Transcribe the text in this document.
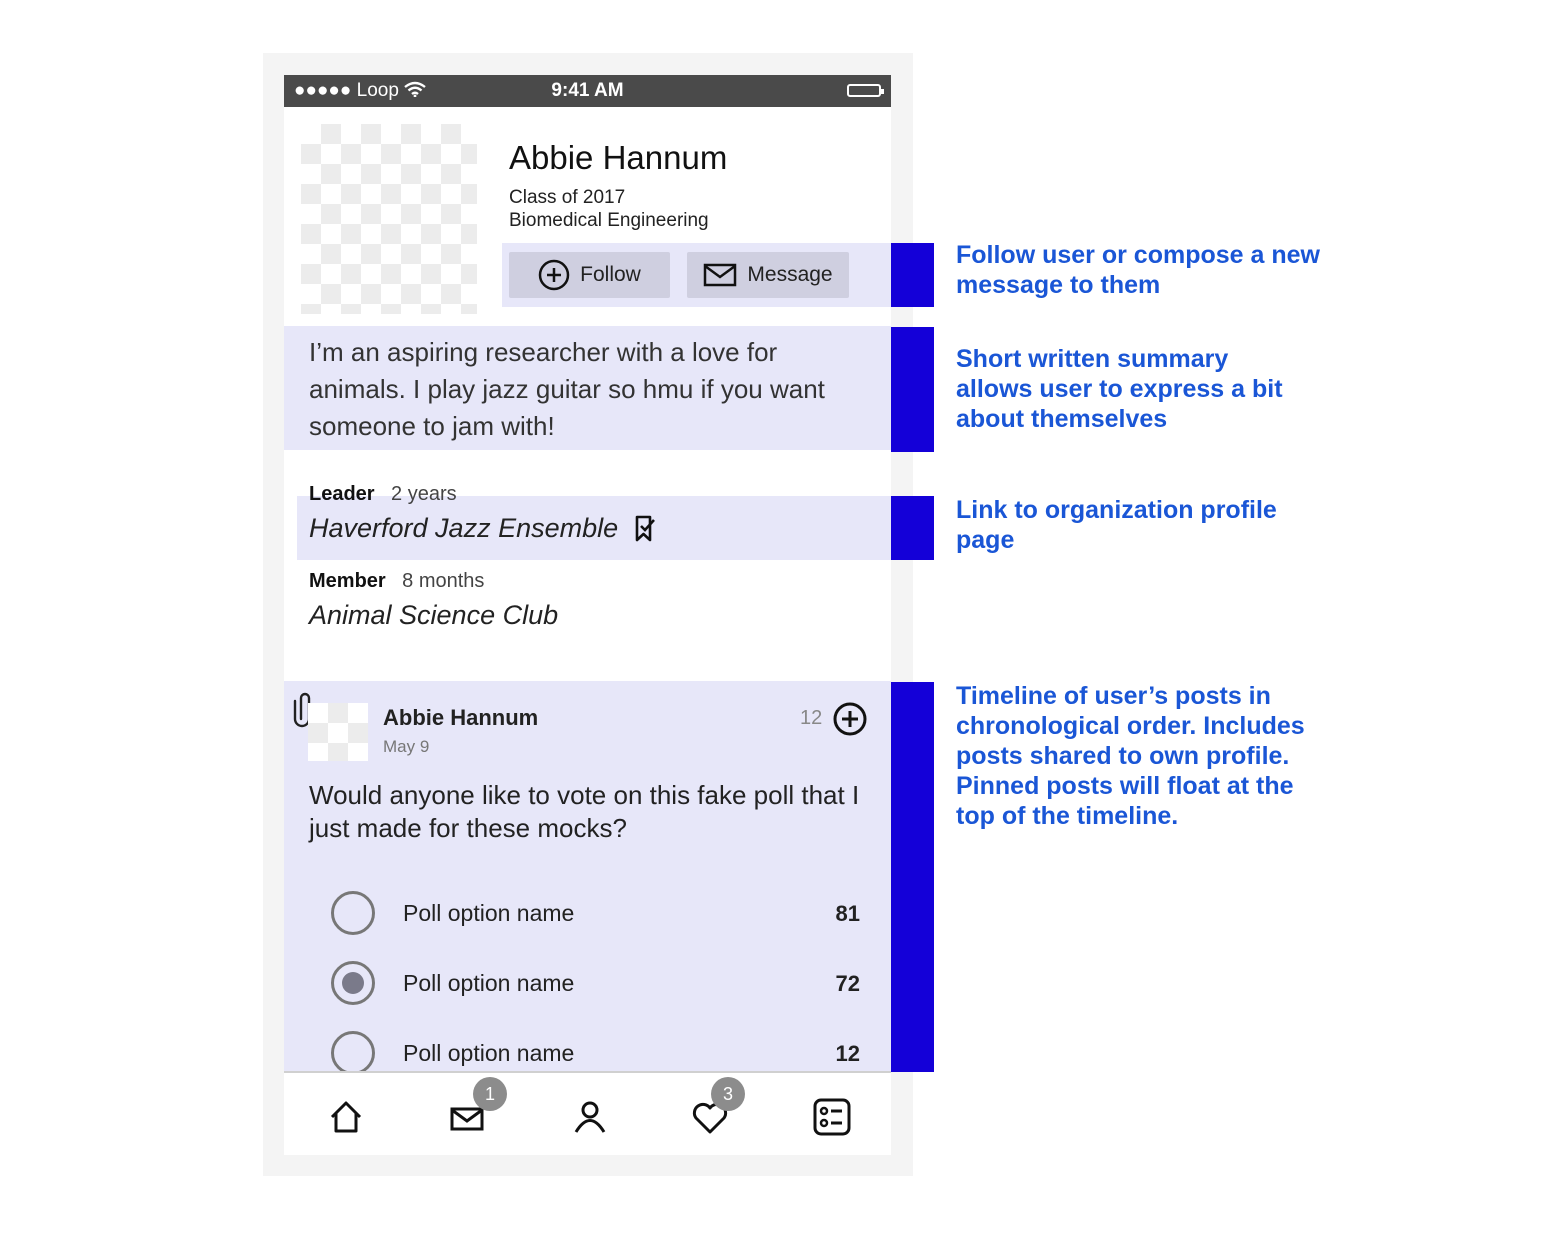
●●●●● Loop	9:41 AM
Abbie Hannum
Class of 2017
Biomedical Engineering
Follow	Message
I’m an aspiring researcher with a love for animals. I play jazz guitar so hmu if you want someone to jam with!
Leader 2 years
Haverford Jazz Ensemble
Member 8 months
Animal Science Club
Abbie Hannum
May 9
12
Would anyone like to vote on this fake poll that I just made for these mocks?
Poll option name	81
Poll option name	72
Poll option name	12
1	3
Follow user or compose a new message to them
Short written summary allows user to express a bit about themselves
Link to organization profile page
Timeline of user’s posts in chronological order. Includes posts shared to own profile. Pinned posts will float at the top of the timeline.
